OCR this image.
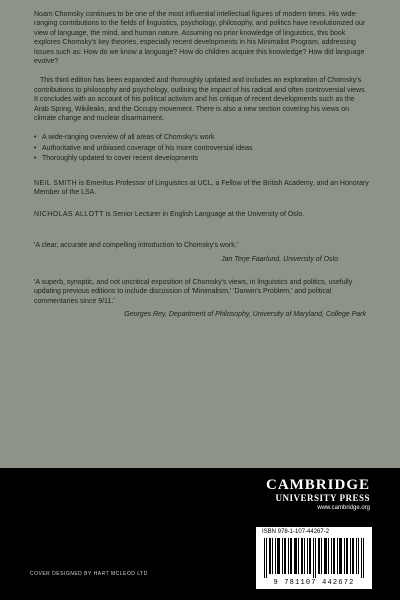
Noam Chomsky continues to be one of the most influential intellectual figures of modern times. His wide-ranging contributions to the fields of linguistics, psychology, philosophy, and politics have revolutionized our view of language, the mind, and human nature. Assuming no prior knowledge of linguistics, this book explores Chomsky's key theories, especially recent developments in his Minimalist Program, addressing issues such as: How do we know a language? How do children acquire this knowledge? How did language evolve?

This third edition has been expanded and thoroughly updated and includes an exploration of Chomsky's contributions to philosophy and psychology, outlining the impact of his radical and often controversial views. It concludes with an account of his political activism and his critique of recent developments such as the Arab Spring, Wikileaks, and the Occupy movement. There is also a new section covering his views on climate change and nuclear disarmament.

• A wide-ranging overview of all areas of Chomsky's work
• Authoritative and unbiased coverage of his more controversial ideas
• Thoroughly updated to cover recent developments

NEIL SMITH is Emeritus Professor of Linguistics at UCL, a Fellow of the British Academy, and an Honorary Member of the LSA.

NICHOLAS ALLOTT is Senior Lecturer in English Language at the University of Oslo.

'A clear, accurate and compelling introduction to Chomsky's work.'

Jan Terje Faarlund, University of Oslo

'A superb, synoptic, and not uncritical exposition of Chomsky's views, in linguistics and politics, usefully updating previous editions to include discussion of 'Minimalism,' 'Darwin's Problem,' and political commentaries since 9/11.'

Georges Rey, Department of Philosophy, University of Maryland, College Park

CAMBRIDGE
UNIVERSITY PRESS
www.cambridge.org
ISBN 978-1-107-44267-2
9 781107 442672
COVER DESIGNED BY HART MCLEOD LTD
